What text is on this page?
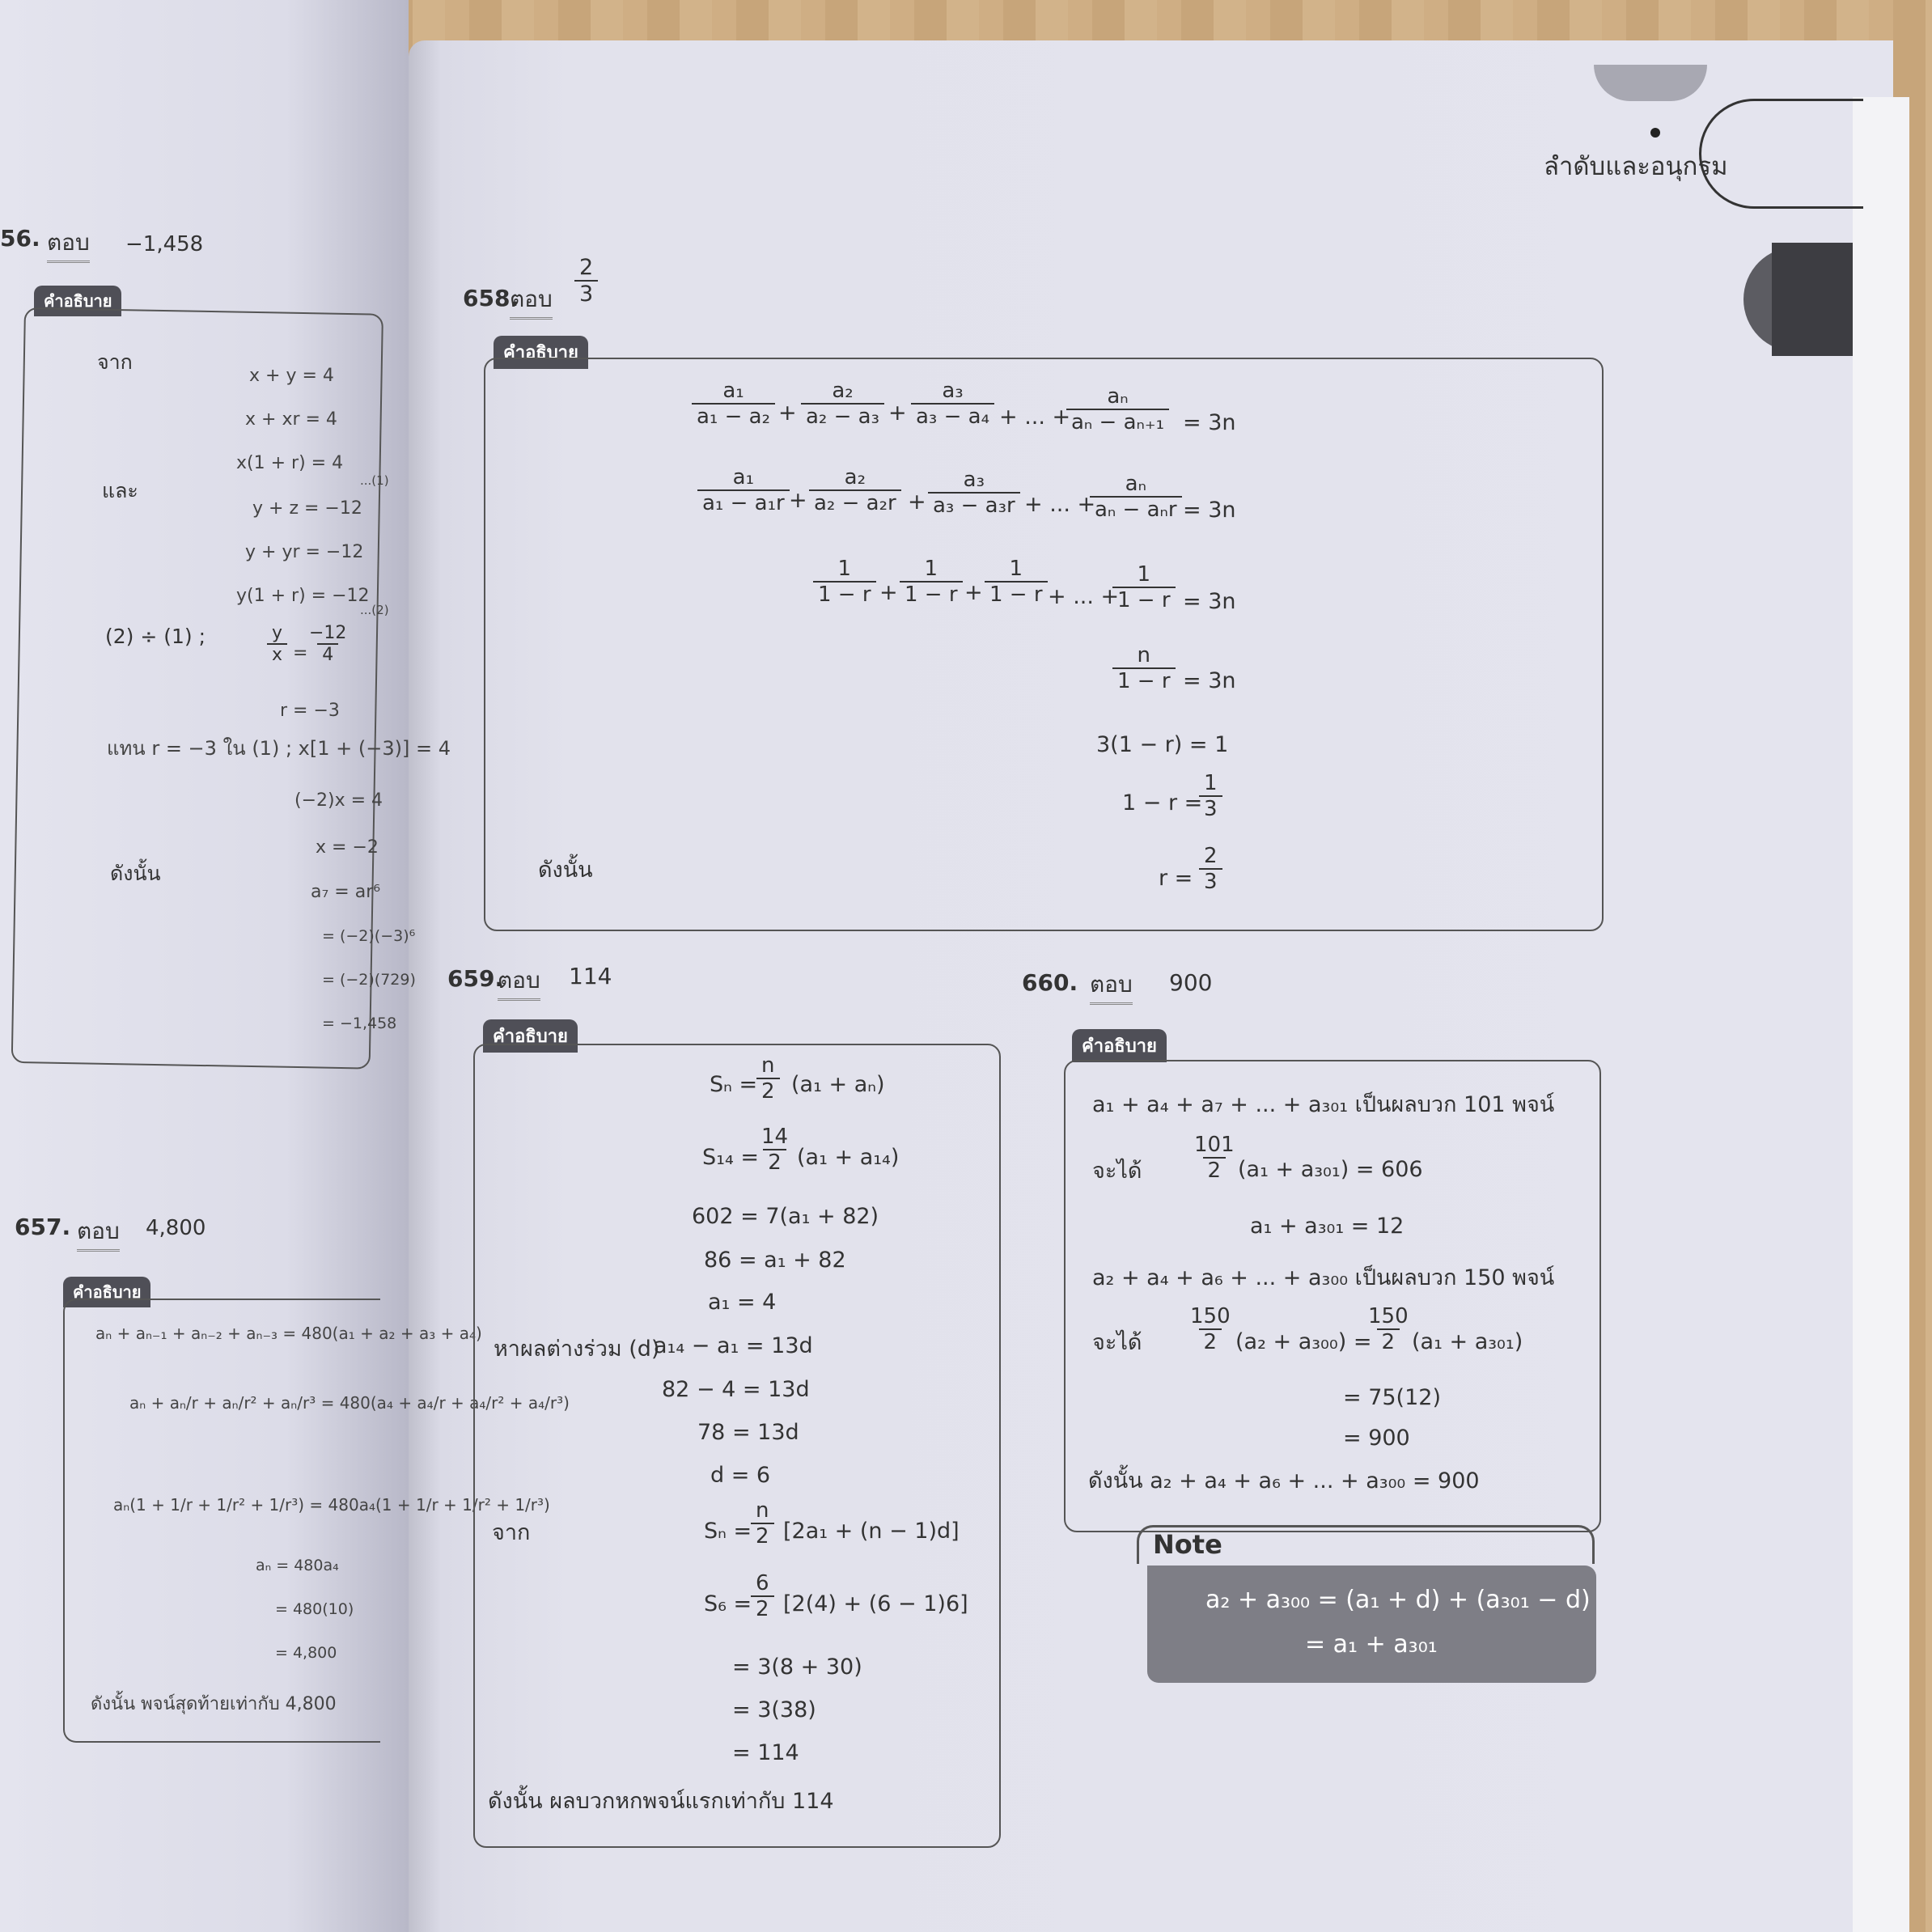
ลำดับและอนุกรม
56. ตอบ −1,458
คำอธิบาย
จาก
x + y = 4
x + xr = 4
x(1 + r) = 4
และ	...(1)
y + z = −12
y + yr = −12
y(1 + r) = −12
...(2)
(2) ÷ (1) ;	$\frac{y}{x}$ =
$\frac{-12}{4}$
r = −3
แทน r = −3 ใน (1) ; x[1 + (−3)] = 4
(−2)x = 4
x = −2
ดังนั้น
a₇ = ar⁶
= (−2)(−3)⁶
= (−2)(729)
= −1,458
657. ตอบ 4,800
คำอธิบาย
aₙ + aₙ₋₁ + aₙ₋₂ + aₙ₋₃ = 480(a₁ + a₂ + a₃ + a₄)
aₙ + aₙ/r + aₙ/r² + aₙ/r³ = 480(a₄ + a₄/r + a₄/r² + a₄/r³)
aₙ(1 + 1/r + 1/r² + 1/r³) = 480a₄(1 + 1/r + 1/r² + 1/r³)
aₙ = 480a₄
= 480(10)
= 4,800
ดังนั้น พจน์สุดท้ายเท่ากับ 4,800
658.
ตอบ $\frac{2}{3}$
คำอธิบาย
$\frac{\text{a₁}}{\text{a₁ − a₂}} + \frac{\text{a₂}}{\text{a₂ − a₃}} + \frac{\text{a₃}}{\text{a₃ − a₄}}$ + ... +
$\frac{\text{aₙ}}{\text{aₙ − aₙ₊₁}} = 3n$
$\frac{\text{a₁}}{\text{a₁ − a₁r}} + \frac{\text{a₂}}{\text{a₂ − a₂r}} + \frac{\text{a₃}}{\text{a₃ − a₃r}}$ + ... +
aₙ
aₙ − aₙr = 3n
$\frac{1}{1 - r} + \frac{1}{1 - r} + \frac{1}{1 - r}$ + ... +
$\frac{1}{1 - r} = 3n$
$\frac{n}{1 - r} = 3n$
3(1 − r) = 1
1 − r =
$\frac{1}{3}$
ดังนั้น	$r = \frac{2}{3}$
659.
ตอบ 114
คำอธิบาย
Sₙ =
$\frac{n}{2} (a_1 + a_n)$
S₁₄ =
$\frac{14}{2} (a_1 + a_{14})$
602 = 7(a₁ + 82)
86 = a₁ + 82
a₁ = 4
หาผลต่างร่วม (d)
a₁₄ − a₁ = 13d
82 − 4 = 13d
78 = 13d
d = 6
จาก	Sₙ =
$\frac{n}{2} [2a_1 + (n - 1)d]$
S₆ =
$\frac{6}{2} [2(4) + (6 - 1)6]$
= 3(8 + 30)
= 3(38)
= 114
ดังนั้น ผลบวกหกพจน์แรกเท่ากับ 114
660. ตอบ 900
คำอธิบาย
a₁ + a₄ + a₇ + ... + a₃₀₁ เป็นผลบวก 101 พจน์
จะได้ $\frac{101}{2}$
(a₁ + a₃₀₁) = 606
a₁ + a₃₀₁ = 12
a₂ + a₄ + a₆ + ... + a₃₀₀ เป็นผลบวก 150 พจน์
จะได้ $\frac{150}{2} (a_2 + a_{300})$ =
$\frac{150}{2}$
(a₁ + a₃₀₁)
= 75(12)
= 900
ดังนั้น a₂ + a₄ + a₆ + ... + a₃₀₀ = 900
Note
a₂ + a₃₀₀ = (a₁ + d) + (a₃₀₁ − d)
= a₁ + a₃₀₁
